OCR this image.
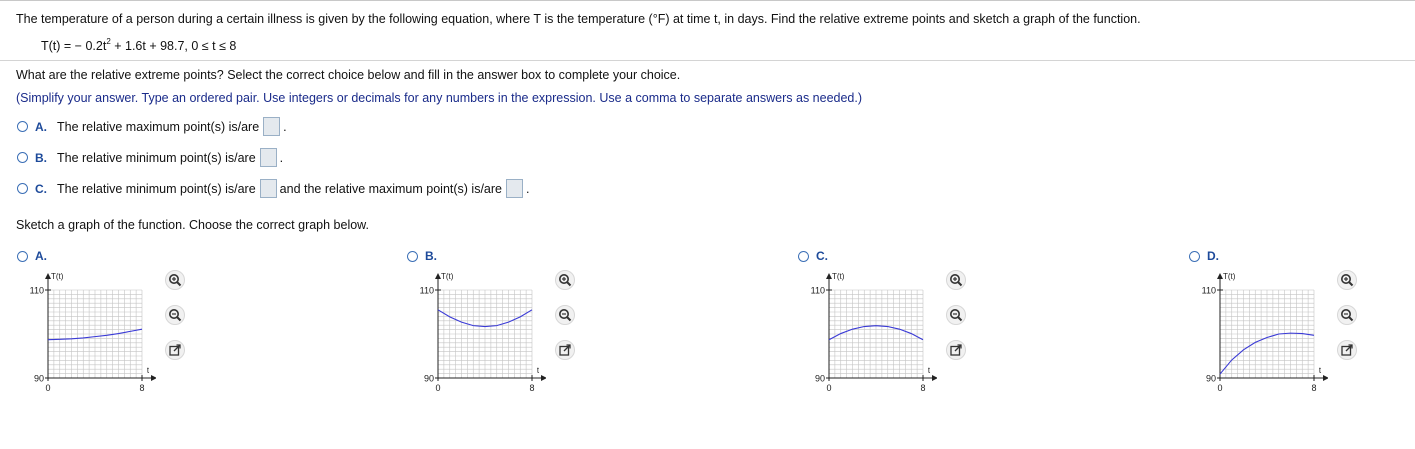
The temperature of a person during a certain illness is given by the following equation, where T is the temperature (°F) at time t, in days. Find the relative extreme points and sketch a graph of the function.
T(t) = − $0.2t^2 + 1.6t + 98.7$, 0 ≤ t ≤ 8
What are the relative extreme points? Select the correct choice below and fill in the answer box to complete your choice.
(Simplify your answer. Type an ordered pair. Use integers or decimals for any numbers in the expression. Use a comma to separate answers as needed.)
A. The relative maximum point(s) is/are .
B. The relative minimum point(s) is/are .
C. The relative minimum point(s) is/are and the relative maximum point(s) is/are .
Sketch a graph of the function. Choose the correct graph below.
A.
T(t)
110
90
0	8
t
B.
T(t)
110
90
0	8
t
C.
T(t)
110
90
0	8
t
D.
T(t)
110
90
0	8
t
